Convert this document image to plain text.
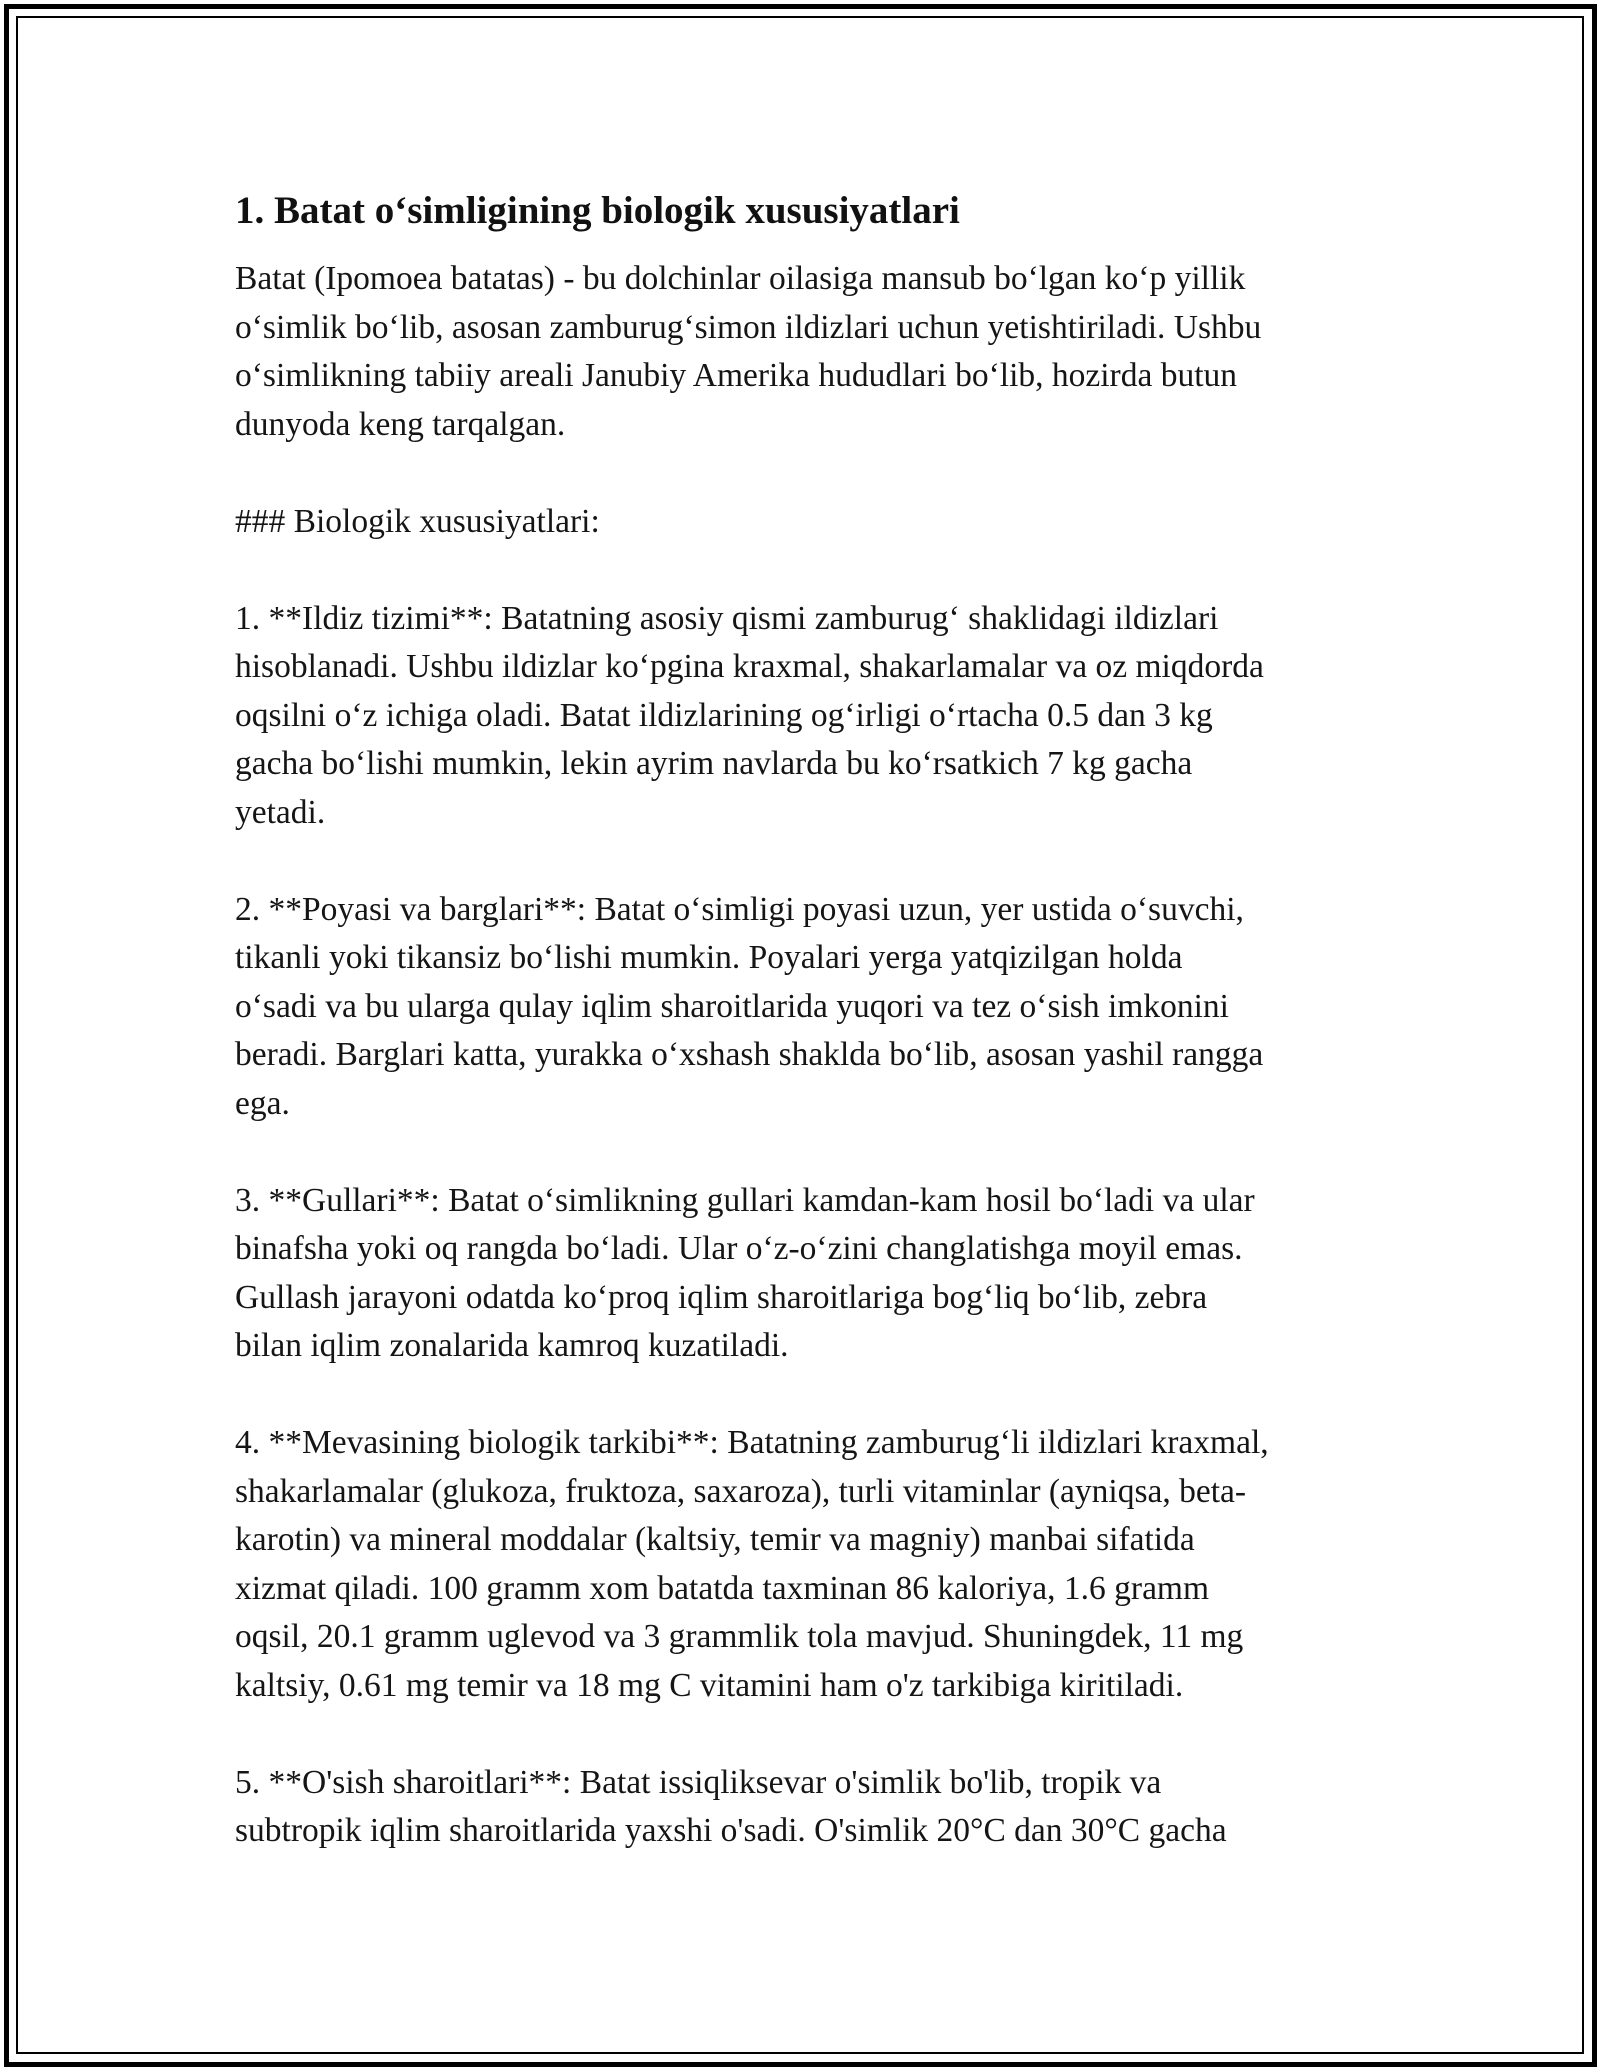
1. Batat o‘simligining biologik xususiyatlari

Batat (Ipomoea batatas) - bu dolchinlar oilasiga mansub bo‘lgan ko‘p yillik
o‘simlik bo‘lib, asosan zamburug‘simon ildizlari uchun yetishtiriladi. Ushbu
o‘simlikning tabiiy areali Janubiy Amerika hududlari bo‘lib, hozirda butun
dunyoda keng tarqalgan.

### Biologik xususiyatlari:

1. **Ildiz tizimi**: Batatning asosiy qismi zamburug‘ shaklidagi ildizlari
hisoblanadi. Ushbu ildizlar ko‘pgina kraxmal, shakarlamalar va oz miqdorda
oqsilni o‘z ichiga oladi. Batat ildizlarining og‘irligi o‘rtacha 0.5 dan 3 kg
gacha bo‘lishi mumkin, lekin ayrim navlarda bu ko‘rsatkich 7 kg gacha
yetadi.

2. **Poyasi va barglari**: Batat o‘simligi poyasi uzun, yer ustida o‘suvchi,
tikanli yoki tikansiz bo‘lishi mumkin. Poyalari yerga yatqizilgan holda
o‘sadi va bu ularga qulay iqlim sharoitlarida yuqori va tez o‘sish imkonini
beradi. Barglari katta, yurakka o‘xshash shakldа bo‘lib, asosan yashil rangga
ega.

3. **Gullari**: Batat o‘simlikning gullari kamdan-kam hosil bo‘ladi va ular
binafsha yoki oq rangda bo‘ladi. Ular o‘z-o‘zini changlatishga moyil emas.
Gullash jarayoni odatda ko‘proq iqlim sharoitlariga bog‘liq bo‘lib, zebra
bilan iqlim zonalarida kamroq kuzatiladi.

4. **Mevasining biologik tarkibi**: Batatning zamburug‘li ildizlari kraxmal,
shakarlamalar (glukoza, fruktoza, saxaroza), turli vitaminlar (ayniqsa, beta-
karotin) va mineral moddalar (kaltsiy, temir va magniy) manbai sifatida
xizmat qiladi. 100 gramm xom batatda taxminan 86 kaloriya, 1.6 gramm
oqsil, 20.1 gramm uglevod va 3 grammlik tola mavjud. Shuningdek, 11 mg
kaltsiy, 0.61 mg temir va 18 mg C vitamini ham o'z tarkibiga kiritiladi.

5. **O'sish sharoitlari**: Batat issiqliksevar o'simlik bo'lib, tropik va
subtropik iqlim sharoitlarida yaxshi o'sadi. O'simlik 20°C dan 30°C gacha
